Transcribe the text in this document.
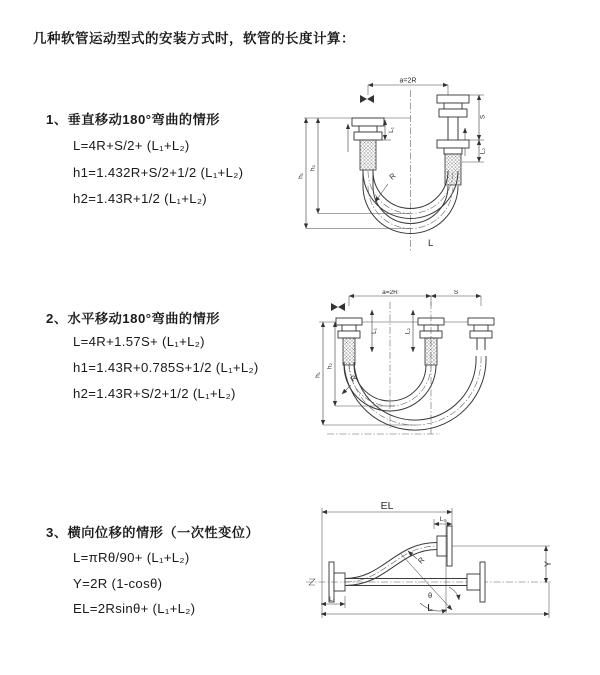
几种软管运动型式的安装方式时，软管的长度计算：
1、垂直移动180°弯曲的情形
L=4R+S/2+ (L₁+L₂)
h1=1.432R+S/2+1/2 (L₁+L₂)
h2=1.43R+1/2 (L₁+L₂)
2、水平移动180°弯曲的情形
L=4R+1.57S+ (L₁+L₂)
h1=1.43R+0.785S+1/2 (L₁+L₂)
h2=1.43R+S/2+1/2 (L₁+L₂)
3、横向位移的情形（一次性变位）
L=πRθ/90+ (L₁+L₂)
Y=2R (1-cosθ)
EL=2Rsinθ+ (L₁+L₂)
a=2R
L₁
S
L₂
h₁
h₂
R
L
a=2R	S
L₁	L₂
h₁
h₂
R
EL
L₂
Y
θ
R
L₁
L
